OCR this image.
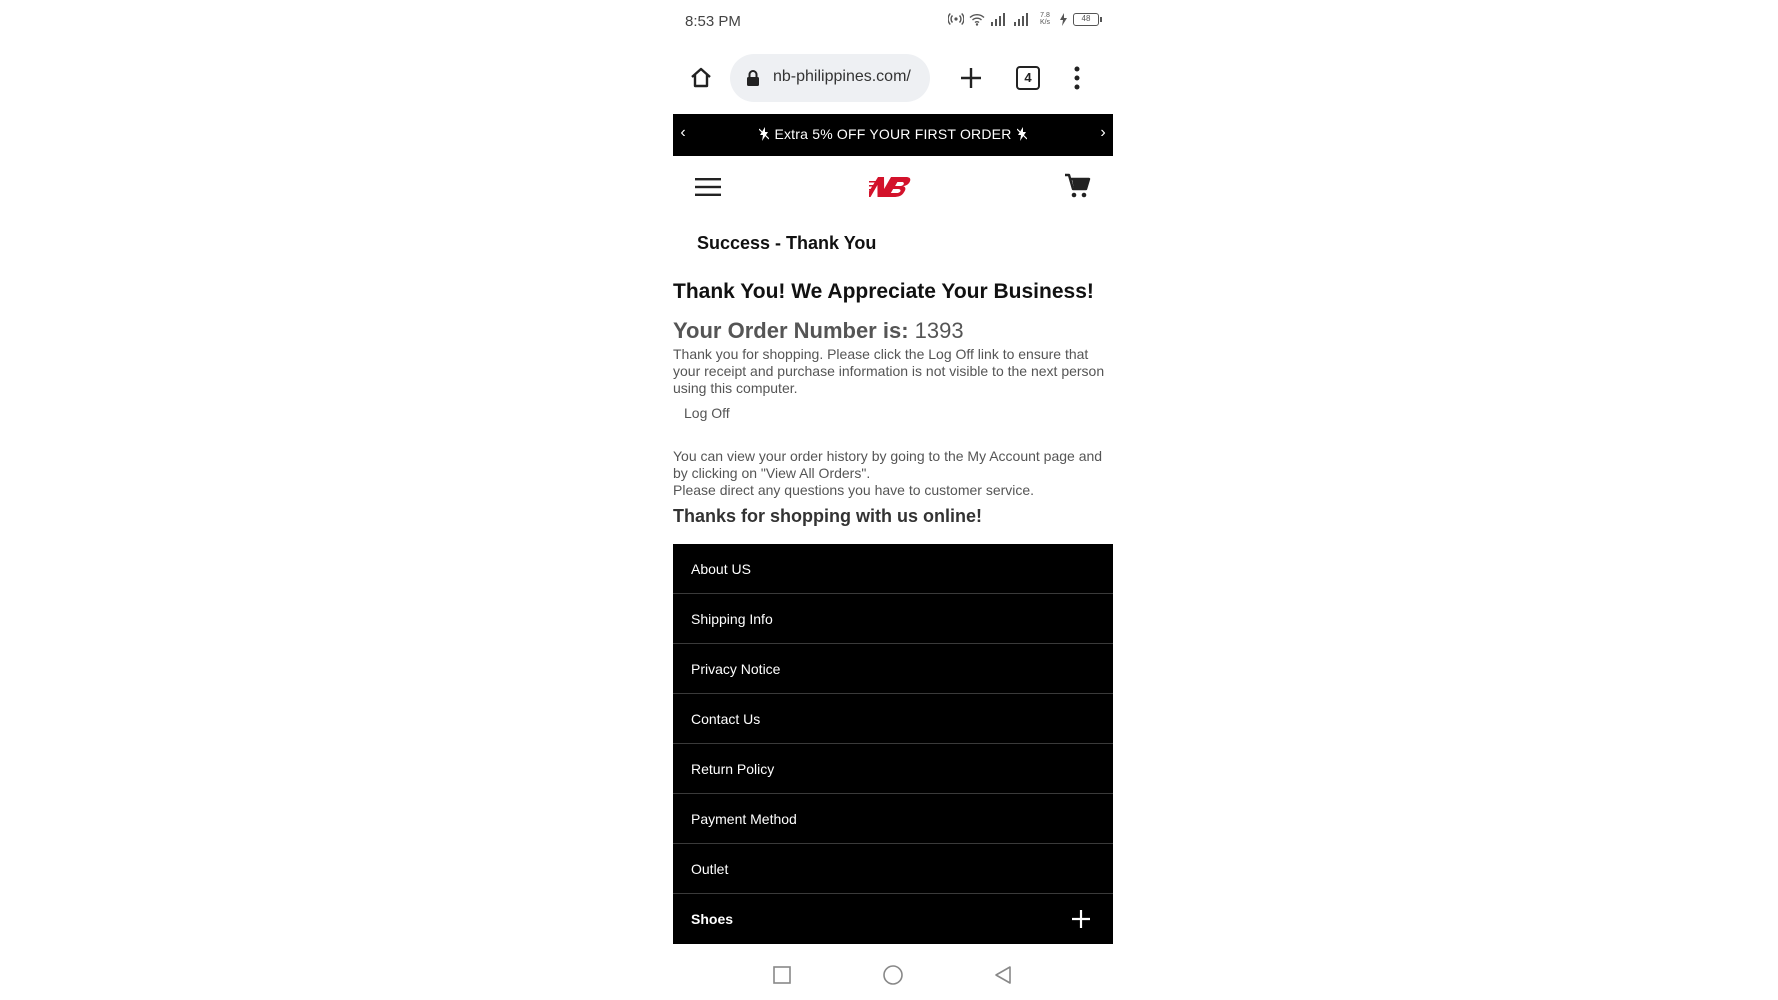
8:53 PM	7.8 K/s	48
nb-philippines.com/	4
‹	Extra 5% OFF YOUR FIRST ORDER	›
Success - Thank You
Thank You! We Appreciate Your Business!
Your Order Number is: 1393
Thank you for shopping. Please click the Log Off link to ensure that your receipt and purchase information is not visible to the next person using this computer.
Log Off
You can view your order history by going to the My Account page and by clicking on "View All Orders".
Please direct any questions you have to customer service.
Thanks for shopping with us online!
About US
Shipping Info
Privacy Notice
Contact Us
Return Policy
Payment Method
Outlet
Shoes
